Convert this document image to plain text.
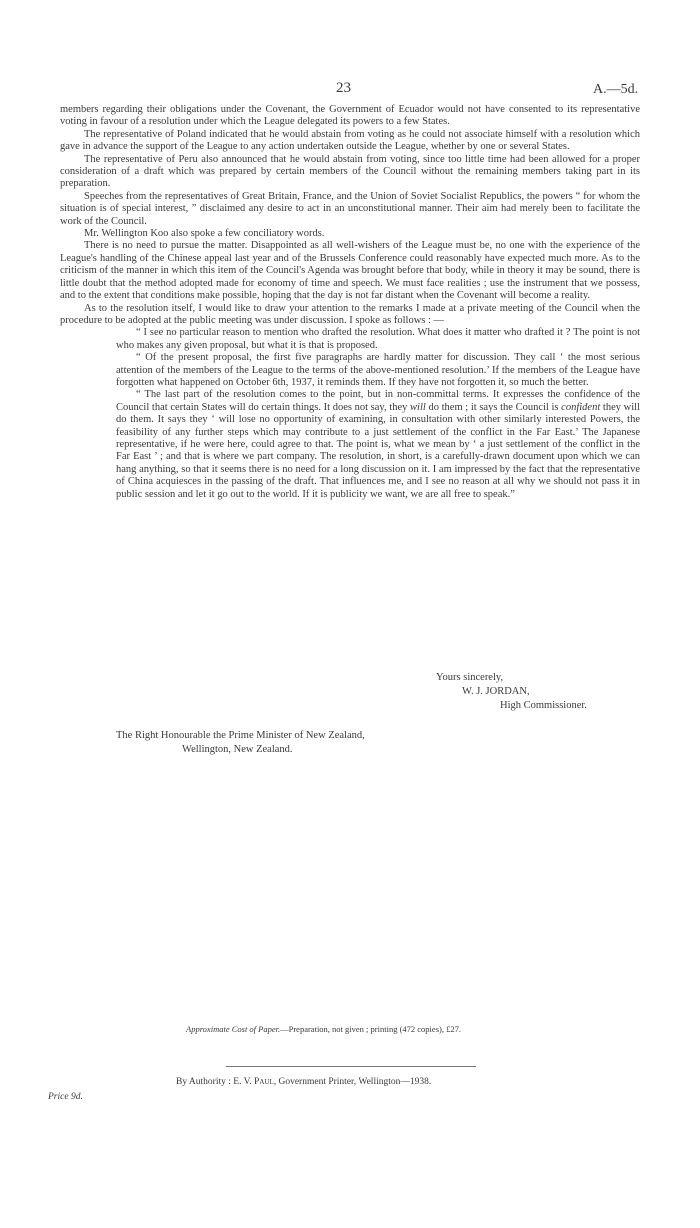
23	A.—5d.

members regarding their obligations under the Covenant, the Government of Ecuador would not have consented to its representative voting in favour of a resolution under which the League delegated its powers to a few States.

The representative of Poland indicated that he would abstain from voting as he could not associate himself with a resolution which gave in advance the support of the League to any action undertaken outside the League, whether by one or several States.

The representative of Peru also announced that he would abstain from voting, since too little time had been allowed for a proper consideration of a draft which was prepared by certain members of the Council without the remaining members taking part in its preparation.

Speeches from the representatives of Great Britain, France, and the Union of Soviet Socialist Republics, the powers “ for whom the situation is of special interest, ” disclaimed any desire to act in an unconstitutional manner. Their aim had merely been to facilitate the work of the Council.

Mr. Wellington Koo also spoke a few conciliatory words.

There is no need to pursue the matter. Disappointed as all well-wishers of the League must be, no one with the experience of the League's handling of the Chinese appeal last year and of the Brussels Conference could reasonably have expected much more. As to the criticism of the manner in which this item of the Council's Agenda was brought before that body, while in theory it may be sound, there is little doubt that the method adopted made for economy of time and speech. We must face realities ; use the instrument that we possess, and to the extent that conditions make possible, hoping that the day is not far distant when the Covenant will become a reality.

As to the resolution itself, I would like to draw your attention to the remarks I made at a private meeting of the Council when the procedure to be adopted at the public meeting was under discussion. I spoke as follows : —

“ I see no particular reason to mention who drafted the resolution. What does it matter who drafted it ? The point is not who makes any given proposal, but what it is that is proposed.

“ Of the present proposal, the first five paragraphs are hardly matter for discussion. They call ‘ the most serious attention of the members of the League to the terms of the above-mentioned resolution.’ If the members of the League have forgotten what happened on October 6th, 1937, it reminds them. If they have not forgotten it, so much the better.

“ The last part of the resolution comes to the point, but in non-committal terms. It expresses the confidence of the Council that certain States will do certain things. It does not say, they will do them ; it says the Council is confident they will do them. It says they ‘ will lose no opportunity of examining, in consultation with other similarly interested Powers, the feasibility of any further steps which may contribute to a just settlement of the conflict in the Far East.’ The Japanese representative, if he were here, could agree to that. The point is, what we mean by ‘ a just settlement of the conflict in the Far East ’ ; and that is where we part company. The resolution, in short, is a carefully-drawn document upon which we can hang anything, so that it seems there is no need for a long discussion on it. I am impressed by the fact that the representative of China acquiesces in the passing of the draft. That influences me, and I see no reason at all why we should not pass it in public session and let it go out to the world. If it is publicity we want, we are all free to speak.”

Yours sincerely,
W. J. JORDAN,
High Commissioner.
The Right Honourable the Prime Minister of New Zealand,
Wellington, New Zealand.
Approximate Cost of Paper.—Preparation, not given ; printing (472 copies), £27.
By Authority : E. V. Paul, Government Printer, Wellington—1938.
Price 9d.
